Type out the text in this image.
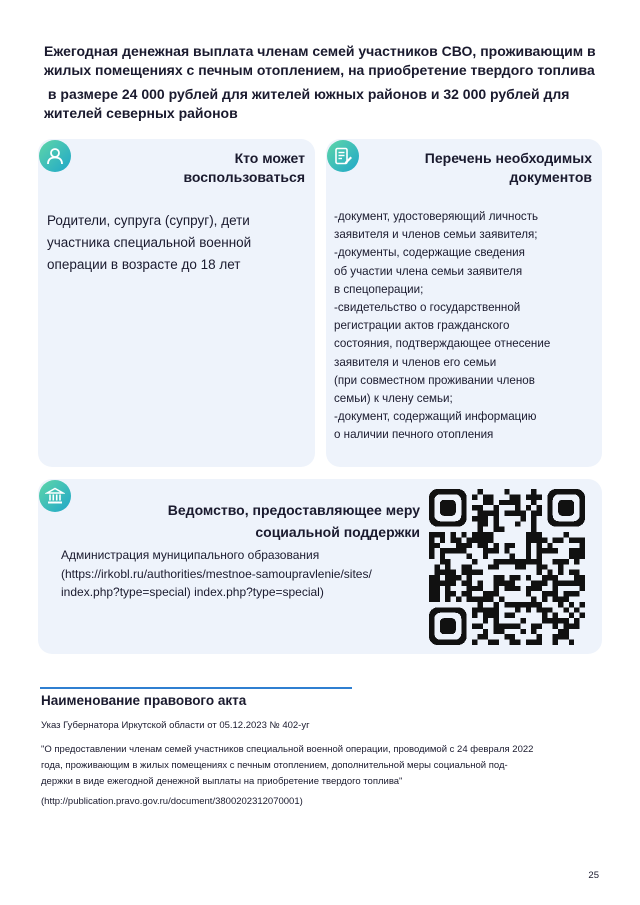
Ежегодная денежная выплата членам семей участников СВО, проживающим в
жилых помещениях с печным отоплением, на приобретение твердого топлива
в размере 24 000 рублей для жителей южных районов и 32 000 рублей для
жителей северных районов
Кто может
воспользоваться
Родители, супруга (супруг), дети
участника специальной военной
операции в возрасте до 18 лет
Перечень необходимых
документов
-документ, удостоверяющий личность
заявителя и членов семьи заявителя;
-документы, содержащие сведения
об участии члена семьи заявителя
в спецоперации;
-свидетельство о государственной
регистрации актов гражданского
состояния, подтверждающее отнесение
заявителя и членов его семьи
(при совместном проживании членов
семьи) к члену семьи;
-документ, содержащий информацию
о наличии печного отопления
Ведомство, предоставляющее меру
социальной поддержки
Администрация муниципального образования
(https://irkobl.ru/authorities/mestnoe-samoupravlenie/sites/
index.php?type=special) index.php?type=special)
Наименование правового акта
Указ Губернатора Иркутской области от 05.12.2023 № 402-уг
"О предоставлении членам семей участников специальной военной операции, проводимой с 24 февраля 2022
года, проживающим в жилых помещениях с печным отоплением, дополнительной меры социальной под-
держки в виде ежегодной денежной выплаты на приобретение твердого топлива"
(http://publication.pravo.gov.ru/document/3800202312070001)
25
